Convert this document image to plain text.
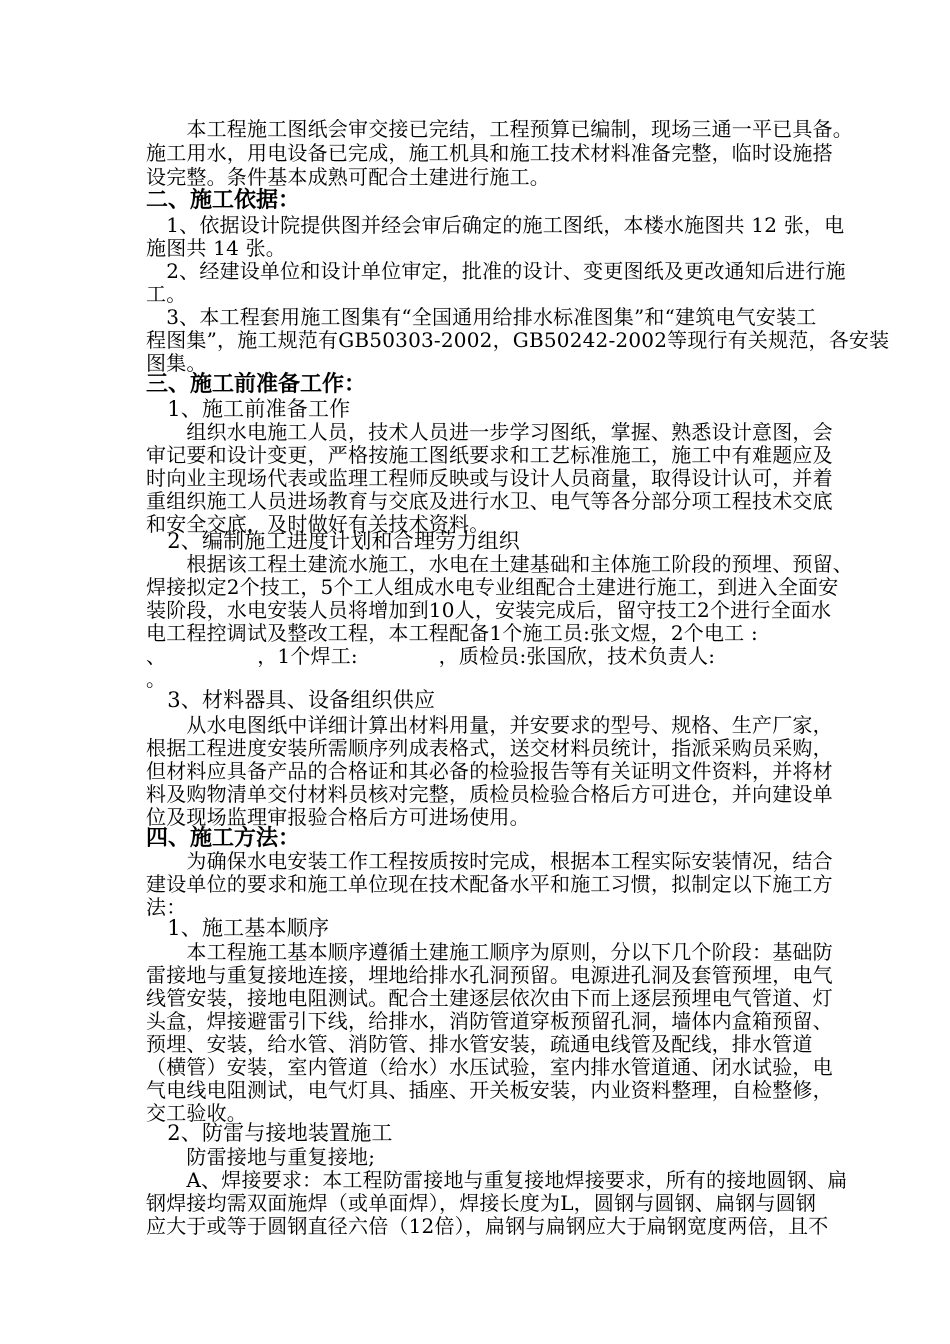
　　本工程施工图纸会审交接已完结，工程预算已编制，现场三通一平已具备。

施工用水，用电设备已完成，施工机具和施工技术材料准备完整，临时设施搭

设完整。条件基本成熟可配合土建进行施工。

二、施工依据：

　1、依据设计院提供图并经会审后确定的施工图纸，本楼水施图共 12 张，电

施图共 14 张。

　2、经建设单位和设计单位审定，批准的设计、变更图纸及更改通知后进行施

工。

　3、本工程套用施工图集有“全国通用给排水标准图集”和“建筑电气安装工

程图集”，施工规范有GB50303-2002，GB50242-2002等现行有关规范，各安装

图集。

三、施工前准备工作：

　1、施工前准备工作

　　组织水电施工人员，技术人员进一步学习图纸，掌握、熟悉设计意图，会

审记要和设计变更，严格按施工图纸要求和工艺标准施工，施工中有难题应及

时向业主现场代表或监理工程师反映或与设计人员商量，取得设计认可，并着

重组织施工人员进场教育与交底及进行水卫、电气等各分部分项工程技术交底

和安全交底，及时做好有关技术资料。

　2、编制施工进度计划和合理劳力组织

　　根据该工程土建流水施工，水电在土建基础和主体施工阶段的预埋、预留、

焊接拟定2个技工，5个工人组成水电专业组配合土建进行施工，到进入全面安

装阶段，水电安装人员将增加到10人，安装完成后，留守技工2个进行全面水

电工程控调试及整改工程，本工程配备1个施工员:张文煜，2个电工 :

、　　　　　，1个焊工:　　　　，质检员:张国欣，技术负责人:

。

　3、材料器具、设备组织供应

　　从水电图纸中详细计算出材料用量，并安要求的型号、规格、生产厂家，

根据工程进度安装所需顺序列成表格式，送交材料员统计，指派采购员采购，

但材料应具备产品的合格证和其必备的检验报告等有关证明文件资料，并将材

料及购物清单交付材料员核对完整，质检员检验合格后方可进仓，并向建设单

位及现场监理审报验合格后方可进场使用。

四、施工方法：

　　为确保水电安装工作工程按质按时完成，根据本工程实际安装情况，结合

建设单位的要求和施工单位现在技术配备水平和施工习惯，拟制定以下施工方

法：

　1、施工基本顺序

　　本工程施工基本顺序遵循土建施工顺序为原则，分以下几个阶段：基础防

雷接地与重复接地连接，埋地给排水孔洞预留。电源进孔洞及套管预埋，电气

线管安装，接地电阻测试。配合土建逐层依次由下而上逐层预埋电气管道、灯

头盒，焊接避雷引下线，给排水，消防管道穿板预留孔洞，墙体内盒箱预留、

预埋、安装，给水管、消防管、排水管安装，疏通电线管及配线，排水管道

（横管）安装，室内管道（给水）水压试验，室内排水管道通、闭水试验，电

气电线电阻测试，电气灯具、插座、开关板安装，内业资料整理，自检整修，

交工验收。

　2、防雷与接地装置施工

　　防雷接地与重复接地;

　　A、焊接要求：本工程防雷接地与重复接地焊接要求，所有的接地圆钢、扁

钢焊接均需双面施焊（或单面焊），焊接长度为L，圆钢与圆钢、扁钢与圆钢

应大于或等于圆钢直径六倍（12倍），扁钢与扁钢应大于扁钢宽度两倍，且不
